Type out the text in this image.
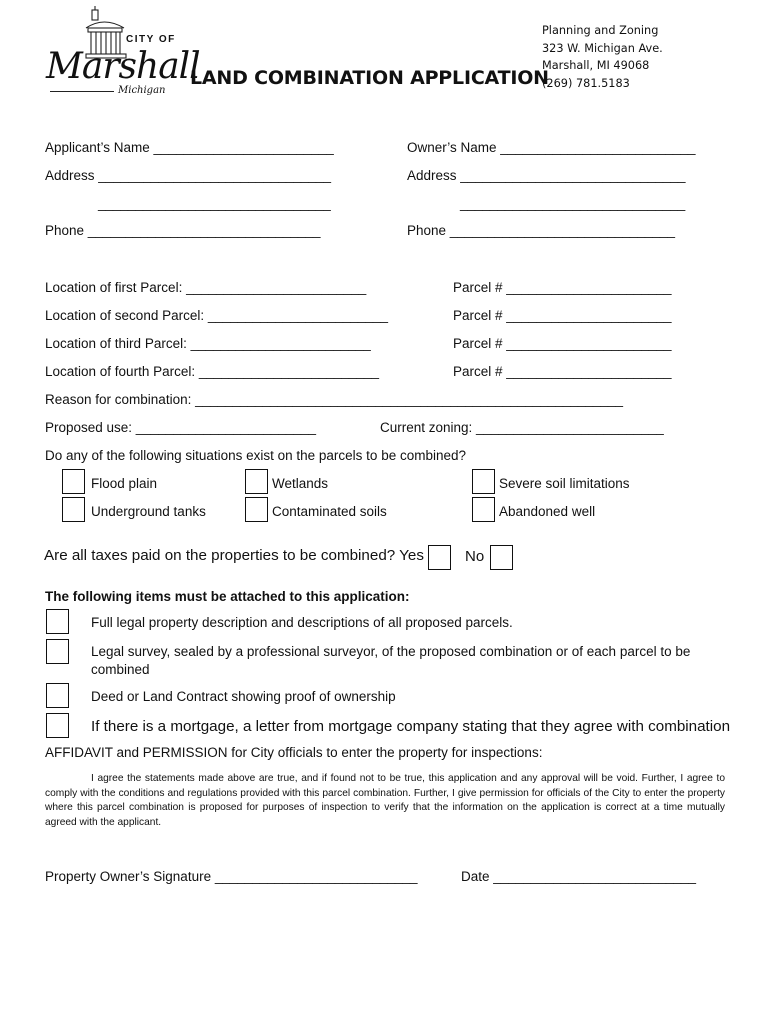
CITY OF
Marshall
Michigan
LAND COMBINATION APPLICATION
Planning and Zoning
323 W. Michigan Ave.
Marshall, MI 49068
(269) 781.5183
Applicant’s Name ________________________	Owner’s Name __________________________
Address _______________________________	Address ______________________________
_______________________________	______________________________
Phone _______________________________	Phone ______________________________
Location of first Parcel: ________________________	Parcel # ______________________
Location of second Parcel: ________________________	Parcel # ______________________
Location of third Parcel: ________________________	Parcel # ______________________
Location of fourth Parcel: ________________________	Parcel # ______________________
Reason for combination: _________________________________________________________
Proposed use: ________________________	Current zoning: _________________________
Do any of the following situations exist on the parcels to be combined?
Flood plain	Wetlands	Severe soil limitations
Underground tanks	Contaminated soils	Abandoned well
Are all taxes paid on the properties to be combined? Yes	No
The following items must be attached to this application:
Full legal property description and descriptions of all proposed parcels.
Legal survey, sealed by a professional surveyor, of the proposed combination or of each parcel to be combined
Deed or Land Contract showing proof of ownership
If there is a mortgage, a letter from mortgage company stating that they agree with combination
AFFIDAVIT and PERMISSION for City officials to enter the property for inspections:
I agree the statements made above are true, and if found not to be true, this application and any approval will be void. Further, I agree to comply with the conditions and regulations provided with this parcel combination. Further, I give permission for officials of the City to enter the property where this parcel combination is proposed for purposes of inspection to verify that the information on the application is correct at a time mutually agreed with the applicant.
Property Owner’s Signature ___________________________	Date ___________________________
